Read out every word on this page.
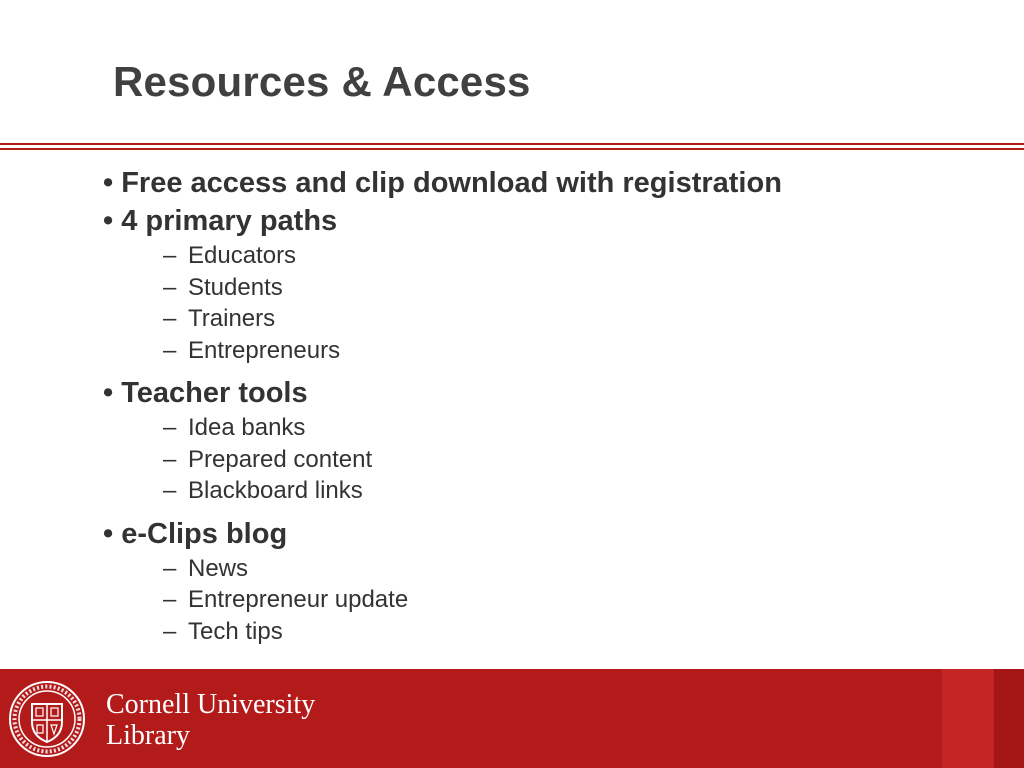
Resources & Access
• Free access and clip download with registration
• 4 primary paths
– Educators
– Students
– Trainers
– Entrepreneurs
• Teacher tools
– Idea banks
– Prepared content
– Blackboard links
• e-Clips blog
– News
– Entrepreneur update
– Tech tips
Cornell University
Library
